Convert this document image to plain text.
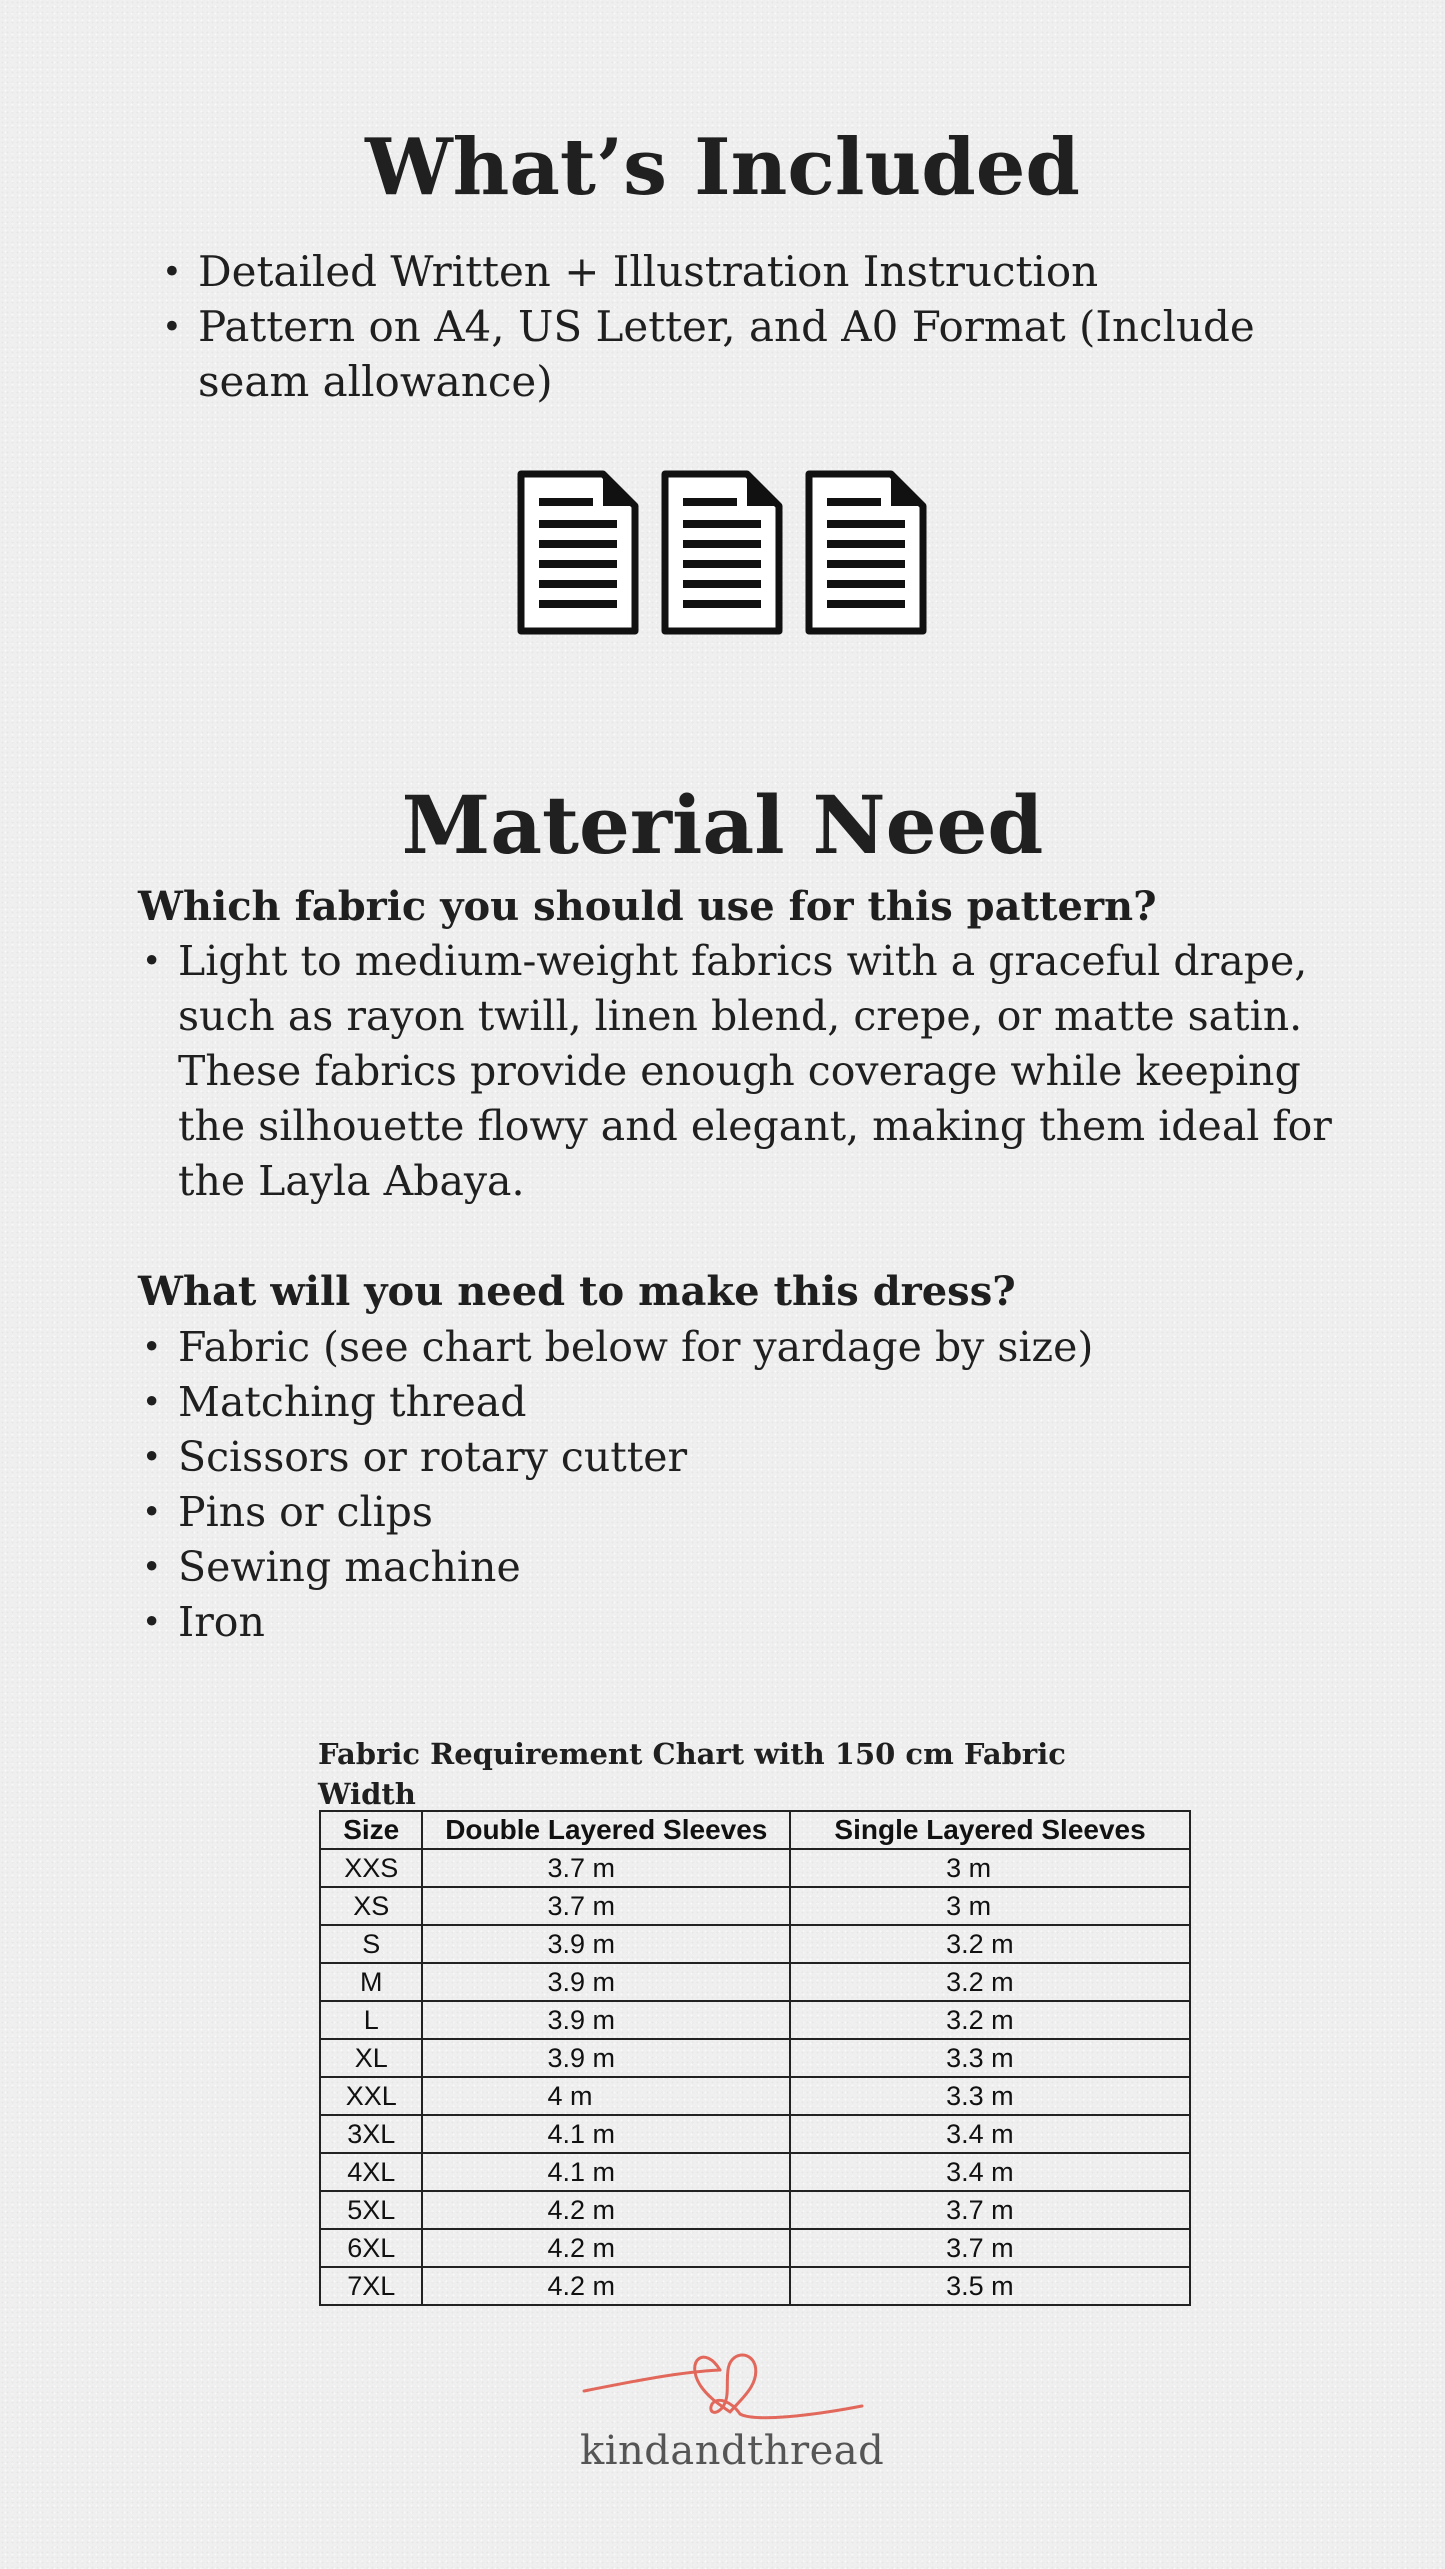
What’s Included
• Detailed Written + Illustration Instruction
• Pattern on A4, US Letter, and A0 Format (Include seam allowance)
Material Need
Which fabric you should use for this pattern?
• Light to medium-weight fabrics with a graceful drape, such as rayon twill, linen blend, crepe, or matte satin. These fabrics provide enough coverage while keeping the silhouette flowy and elegant, making them ideal for the Layla Abaya.
What will you need to make this dress?
• Fabric (see chart below for yardage by size)
• Matching thread
• Scissors or rotary cutter
• Pins or clips
• Sewing machine
• Iron
Fabric Requirement Chart with 150 cm Fabric Width
Size	Double Layered Sleeves	Single Layered Sleeves
XXS	3.7 m	3 m
XS	3.7 m	3 m
S	3.9 m	3.2 m
M	3.9 m	3.2 m
L	3.9 m	3.2 m
XL	3.9 m	3.3 m
XXL	4 m	3.3 m
3XL	4.1 m	3.4 m
4XL	4.1 m	3.4 m
5XL	4.2 m	3.7 m
6XL	4.2 m	3.7 m
7XL	4.2 m	3.5 m
kindandthread
